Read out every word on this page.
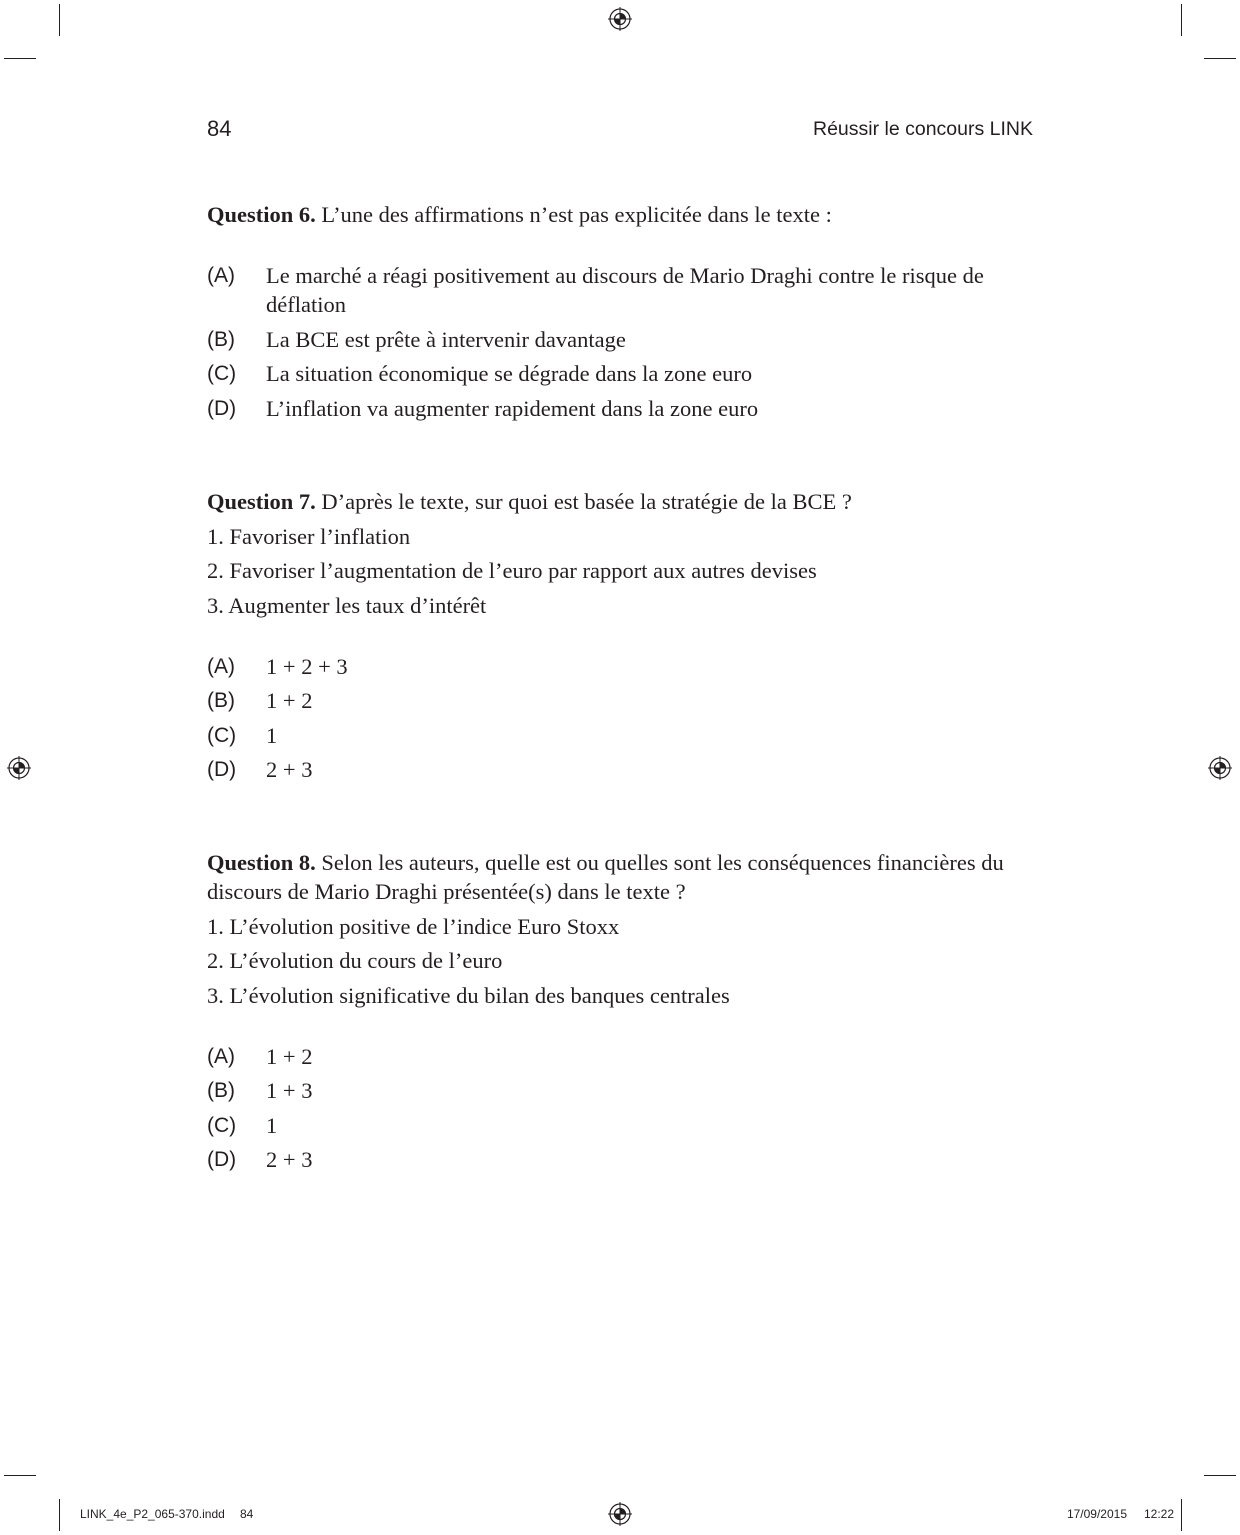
84	Réussir le concours LINK

Question 6. L’une des affirmations n’est pas explicitée dans le texte :

(A)	Le marché a réagi positivement au discours de Mario Draghi contre le risque de déflation
(B)	La BCE est prête à intervenir davantage
(C)	La situation économique se dégrade dans la zone euro
(D)	L’inflation va augmenter rapidement dans la zone euro

Question 7. D’après le texte, sur quoi est basée la stratégie de la BCE ?

1. Favoriser l’inflation
2. Favoriser l’augmentation de l’euro par rapport aux autres devises
3. Augmenter les taux d’intérêt
(A)	1 + 2 + 3
(B)	1 + 2
(C)	1
(D)	2 + 3

Question 8. Selon les auteurs, quelle est ou quelles sont les conséquences financières du discours de Mario Draghi présentée(s) dans le texte ?

1. L’évolution positive de l’indice Euro Stoxx
2. L’évolution du cours de l’euro
3. L’évolution significative du bilan des banques centrales
(A)	1 + 2
(B)	1 + 3
(C)	1
(D)	2 + 3
LINK_4e_P2_065-370.indd 84	17/09/2015 12:22
